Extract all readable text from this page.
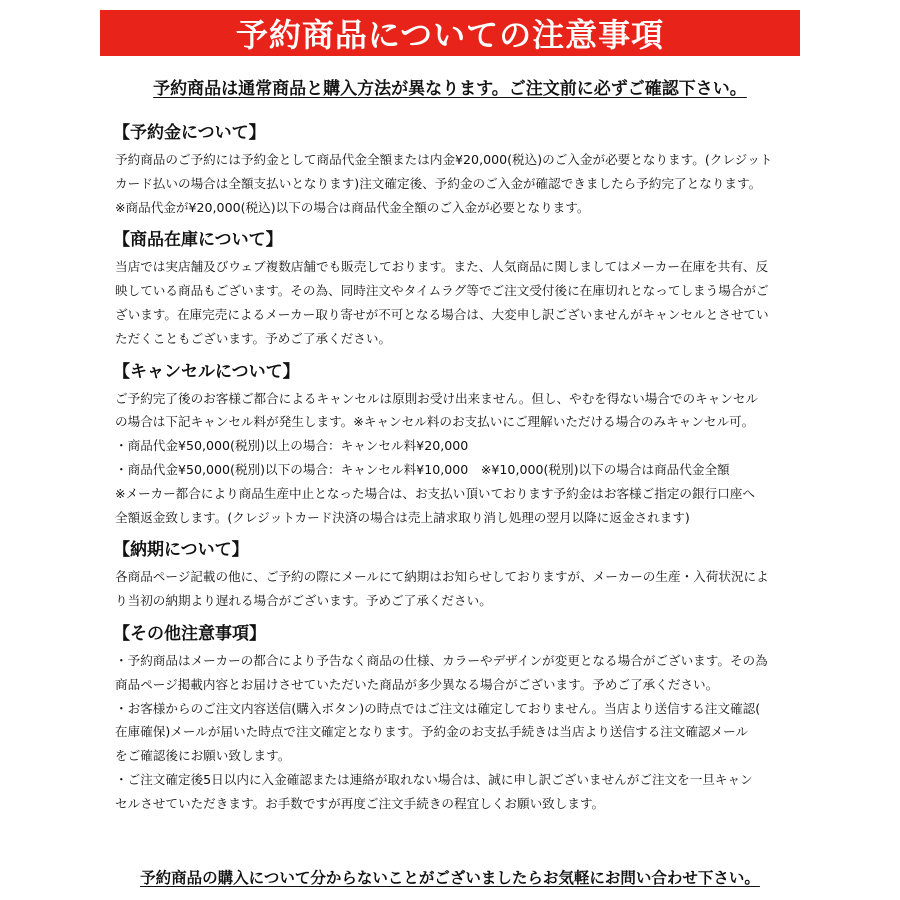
予約商品についての注意事項
予約商品は通常商品と購入方法が異なります。ご注文前に必ずご確認下さい。
【予約金について】
予約商品のご予約には予約金として商品代金全額または内金¥20,000(税込)のご入金が必要となります。(クレジット
カード払いの場合は全額支払いとなります)注文確定後、予約金のご入金が確認できましたら予約完了となります。
※商品代金が¥20,000(税込)以下の場合は商品代金全額のご入金が必要となります。
【商品在庫について】
当店では実店舗及びウェブ複数店舗でも販売しております。また、人気商品に関しましてはメーカー在庫を共有、反
映している商品もございます。その為、同時注文やタイムラグ等でご注文受付後に在庫切れとなってしまう場合がご
ざいます。在庫完売によるメーカー取り寄せが不可となる場合は、大変申し訳ございませんがキャンセルとさせてい
ただくこともございます。予めご了承ください。
【キャンセルについて】
ご予約完了後のお客様ご都合によるキャンセルは原則お受け出来ません。但し、やむを得ない場合でのキャンセル
の場合は下記キャンセル料が発生します。※キャンセル料のお支払いにご理解いただける場合のみキャンセル可。
・商品代金¥50,000(税別)以上の場合：キャンセル料¥20,000
・商品代金¥50,000(税別)以下の場合：キャンセル料¥10,000　※¥10,000(税別)以下の場合は商品代金全額
※メーカー都合により商品生産中止となった場合は、お支払い頂いております予約金はお客様ご指定の銀行口座へ
全額返金致します。(クレジットカード決済の場合は売上請求取り消し処理の翌月以降に返金されます)
【納期について】
各商品ページ記載の他に、ご予約の際にメールにて納期はお知らせしておりますが、メーカーの生産・入荷状況によ
り当初の納期より遅れる場合がございます。予めご了承ください。
【その他注意事項】
・予約商品はメーカーの都合により予告なく商品の仕様、カラーやデザインが変更となる場合がございます。その為
商品ページ掲載内容とお届けさせていただいた商品が多少異なる場合がございます。予めご了承ください。
・お客様からのご注文内容送信(購入ボタン)の時点ではご注文は確定しておりません。当店より送信する注文確認(
在庫確保)メールが届いた時点で注文確定となります。予約金のお支払手続きは当店より送信する注文確認メール
をご確認後にお願い致します。
・ご注文確定後5日以内に入金確認または連絡が取れない場合は、誠に申し訳ございませんがご注文を一旦キャン
セルさせていただきます。お手数ですが再度ご注文手続きの程宜しくお願い致します。
予約商品の購入について分からないことがございましたらお気軽にお問い合わせ下さい。
